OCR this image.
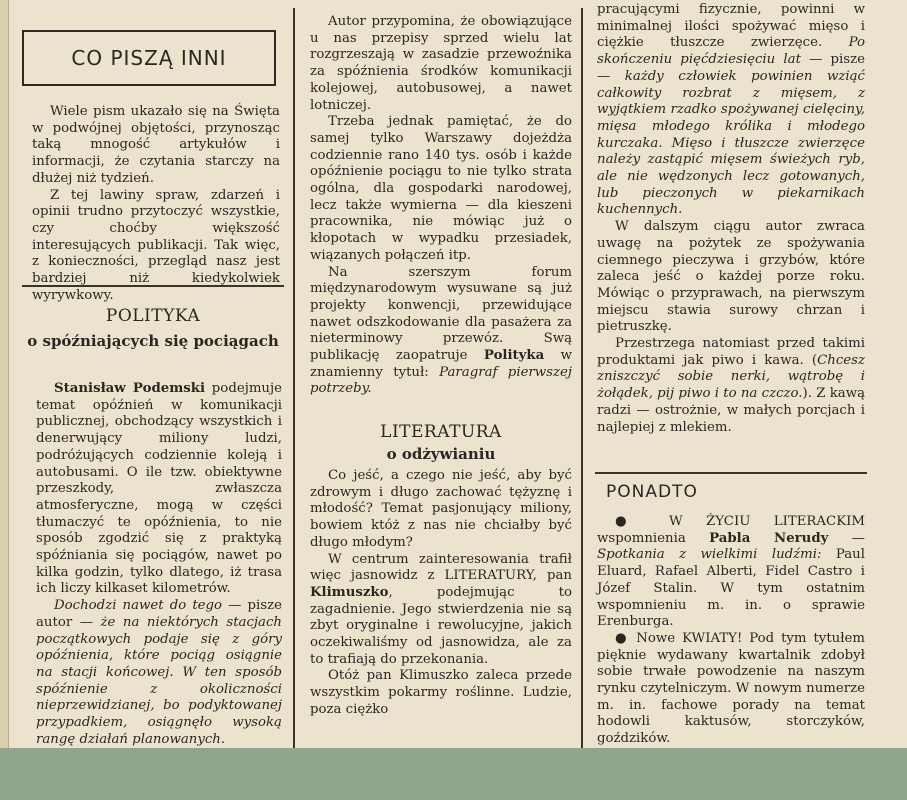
CO PISZĄ INNI

Wiele pism ukazało się na Święta w podwójnej objętości, przynosząc taką mnogość artykułów i informacji, że czytania starczy na dłużej niż tydzień.

Z tej lawiny spraw, zdarzeń i opinii trudno przytoczyć wszystkie, czy choćby większość interesujących publikacji. Tak więc, z konieczności, przegląd nasz jest bardziej niż kiedykolwiek wyrywkowy.

POLITYKA
o spóźniających się pociągach

Stanisław Podemski podejmuje temat opóźnień w komunikacji publicznej, obchodzący wszystkich i denerwujący miliony ludzi, podróżujących codziennie koleją i autobusami. O ile tzw. obiektywne przeszkody, zwłaszcza atmosferyczne, mogą w części tłumaczyć te opóźnienia, to nie sposób zgodzić się z praktyką spóźniania się pociągów, nawet po kilka godzin, tylko dlatego, iż trasa ich liczy kilkaset kilometrów.

Dochodzi nawet do tego — pisze autor — że na niektórych stacjach początkowych podaje się z góry opóźnienia, które pociąg osiągnie na stacji końcowej. W ten sposób spóźnienie z okoliczności nieprzewidzianej, bo podyktowanej przypadkiem, osiągnęło wysoką rangę działań planowanych.

Autor przypomina, że obowiązujące u nas przepisy sprzed wielu lat rozgrzeszają w zasadzie przewoźnika za spóźnienia środków komunikacji kolejowej, autobusowej, a nawet lotniczej.

Trzeba jednak pamiętać, że do samej tylko Warszawy dojeżdża codziennie rano 140 tys. osób i każde opóźnienie pociągu to nie tylko strata ogólna, dla gospodarki narodowej, lecz także wymierna — dla kieszeni pracownika, nie mówiąc już o kłopotach w wypadku przesiadek, wiązanych połączeń itp.

Na szerszym forum międzynarodowym wysuwane są już projekty konwencji, przewidujące nawet odszkodowanie dla pasażera za nieterminowy przewóz. Swą publikację zaopatruje Polityka w znamienny tytuł: Paragraf pierwszej potrzeby.

LITERATURA
o odżywianiu

Co jeść, a czego nie jeść, aby być zdrowym i długo zachować tężyznę i młodość? Temat pasjonujący miliony, bowiem któż z nas nie chciałby być długo młodym?

W centrum zainteresowania trafił więc jasnowidz z LITERATURY, pan Klimuszko, podejmując to zagadnienie. Jego stwierdzenia nie są zbyt oryginalne i rewolucyjne, jakich oczekiwaliśmy od jasnowidza, ale za to trafiają do przekonania.

Otóż pan Klimuszko zaleca przede wszystkim pokarmy roślinne. Ludzie, poza ciężko

pracującymi fizycznie, powinni w minimalnej ilości spożywać mięso i ciężkie tłuszcze zwierzęce. Po skończeniu pięćdziesięciu lat — pisze — każdy człowiek powinien wziąć całkowity rozbrat z mięsem, z wyjątkiem rzadko spożywanej cielęciny, mięsa młodego królika i młodego kurczaka. Mięso i tłuszcze zwierzęce należy zastąpić mięsem świeżych ryb, ale nie wędzonych lecz gotowanych, lub pieczonych w piekarnikach kuchennych.

W dalszym ciągu autor zwraca uwagę na pożytek ze spożywania ciemnego pieczywa i grzybów, które zaleca jeść o każdej porze roku. Mówiąc o przyprawach, na pierwszym miejscu stawia surowy chrzan i pietruszkę.

Przestrzega natomiast przed takimi produktami jak piwo i kawa. (Chcesz zniszczyć sobie nerki, wątrobę i żołądek, pij piwo i to na czczo.). Z kawą radzi — ostrożnie, w małych porcjach i najlepiej z mlekiem.

PONADTO

● W ŻYCIU LITERACKIM wspomnienia Pabla Nerudy — Spotkania z wielkimi ludźmi: Paul Eluard, Rafael Alberti, Fidel Castro i Józef Stalin. W tym ostatnim wspomnieniu m. in. o sprawie Erenburga.

● Nowe KWIATY! Pod tym tytułem pięknie wydawany kwartalnik zdobył sobie trwałe powodzenie na naszym rynku czytelniczym. W nowym numerze m. in. fachowe porady na temat hodowli kaktusów, storczyków, goździków.
